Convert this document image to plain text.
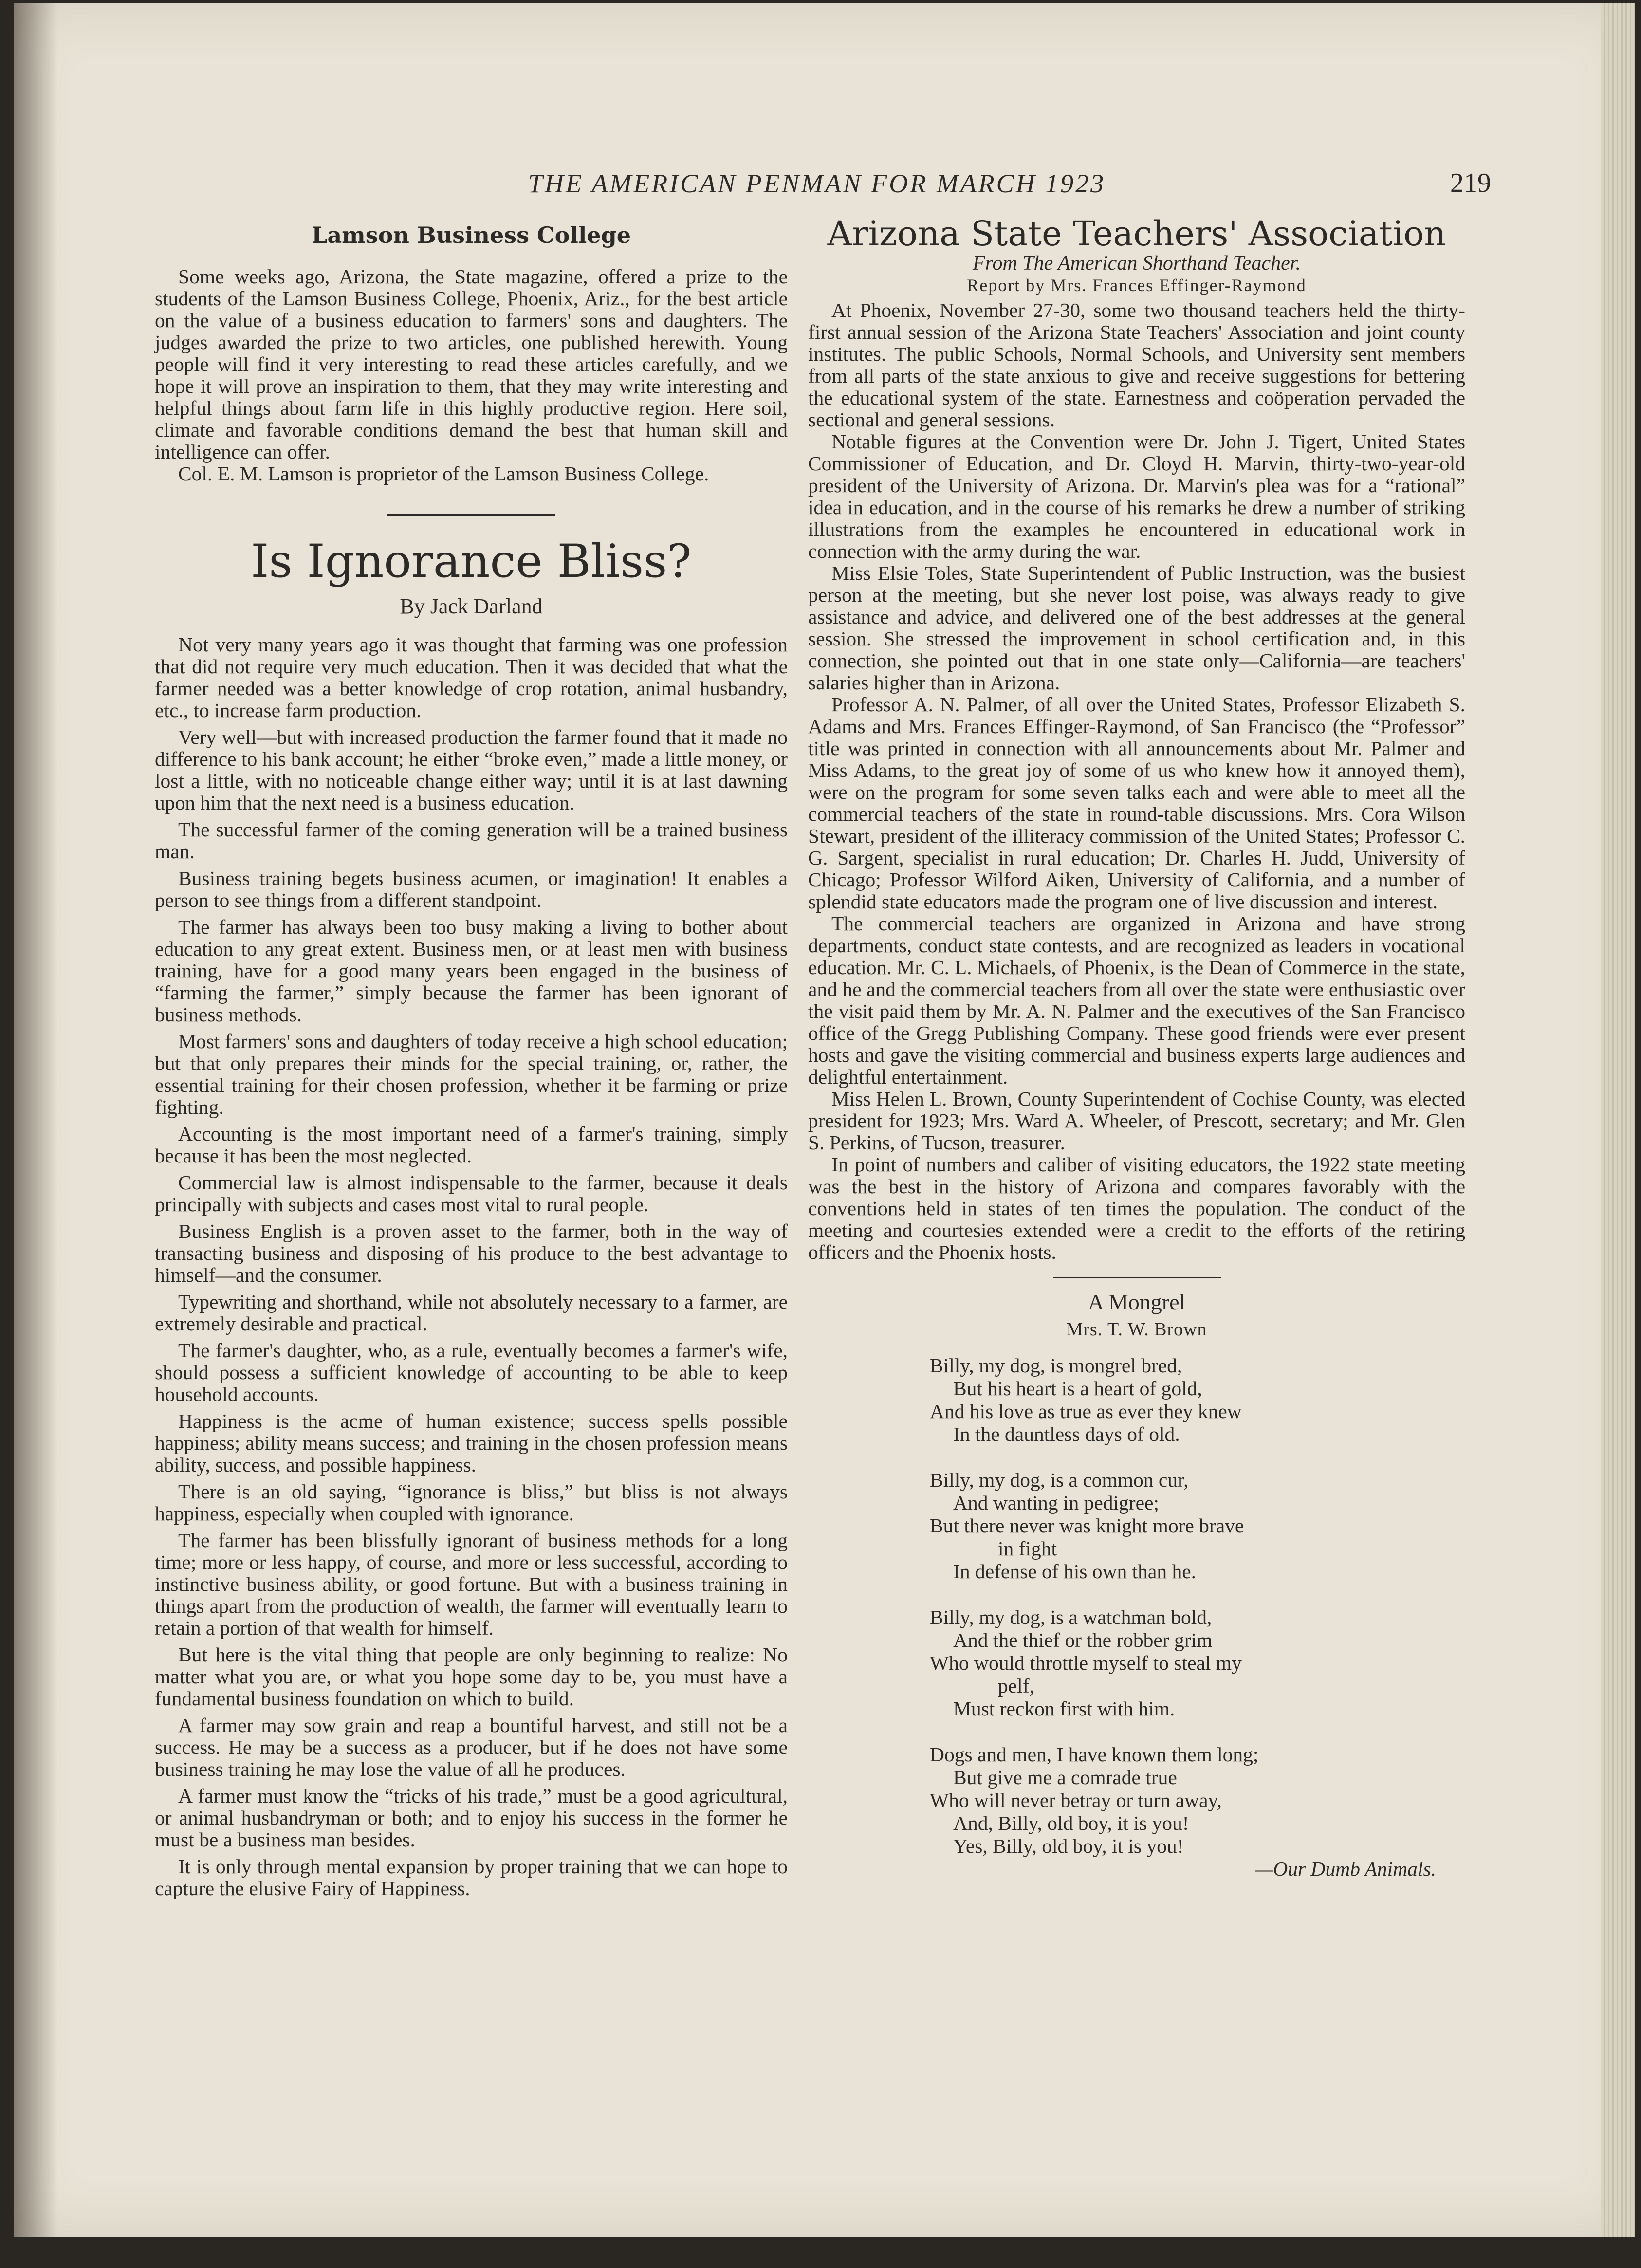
THE AMERICAN PENMAN FOR MARCH 1923	219
Lamson Business College

Some weeks ago, Arizona, the State magazine, offered a prize to the students of the Lamson Business College, Phoenix, Ariz., for the best article on the value of a business education to farmers' sons and daughters. The judges awarded the prize to two articles, one published herewith. Young people will find it very interesting to read these articles carefully, and we hope it will prove an inspiration to them, that they may write interesting and helpful things about farm life in this highly productive region. Here soil, climate and favorable conditions demand the best that human skill and intelligence can offer.

Col. E. M. Lamson is proprietor of the Lamson Business College.

Is Ignorance Bliss?
By Jack Darland

Not very many years ago it was thought that farming was one profession that did not require very much education. Then it was decided that what the farmer needed was a better knowledge of crop rotation, animal husbandry, etc., to increase farm production.

Very well—but with increased production the farmer found that it made no difference to his bank account; he either “broke even,” made a little money, or lost a little, with no noticeable change either way; until it is at last dawning upon him that the next need is a business education.

The successful farmer of the coming generation will be a trained business man.

Business training begets business acumen, or imagination! It enables a person to see things from a different standpoint.

The farmer has always been too busy making a living to bother about education to any great extent. Business men, or at least men with business training, have for a good many years been engaged in the business of “farming the farmer,” simply because the farmer has been ignorant of business methods.

Most farmers' sons and daughters of today receive a high school education; but that only prepares their minds for the special training, or, rather, the essential training for their chosen profession, whether it be farming or prize fighting.

Accounting is the most important need of a farmer's training, simply because it has been the most neglected.

Commercial law is almost indispensable to the farmer, because it deals principally with subjects and cases most vital to rural people.

Business English is a proven asset to the farmer, both in the way of transacting business and disposing of his produce to the best advantage to himself—and the consumer.

Typewriting and shorthand, while not absolutely necessary to a farmer, are extremely desirable and practical.

The farmer's daughter, who, as a rule, eventually becomes a farmer's wife, should possess a sufficient knowledge of accounting to be able to keep household accounts.

Happiness is the acme of human existence; success spells possible happiness; ability means success; and training in the chosen profession means ability, success, and possible happiness.

There is an old saying, “ignorance is bliss,” but bliss is not always happiness, especially when coupled with ignorance.

The farmer has been blissfully ignorant of business methods for a long time; more or less happy, of course, and more or less successful, according to instinctive business ability, or good fortune. But with a business training in things apart from the production of wealth, the farmer will eventually learn to retain a portion of that wealth for himself.

But here is the vital thing that people are only beginning to realize: No matter what you are, or what you hope some day to be, you must have a fundamental business foundation on which to build.

A farmer may sow grain and reap a bountiful harvest, and still not be a success. He may be a success as a producer, but if he does not have some business training he may lose the value of all he produces.

A farmer must know the “tricks of his trade,” must be a good agricultural, or animal husbandryman or both; and to enjoy his success in the former he must be a business man besides.

It is only through mental expansion by proper training that we can hope to capture the elusive Fairy of Happiness.

Arizona State Teachers' Association
From The American Shorthand Teacher.
Report by Mrs. Frances Effinger-Raymond

At Phoenix, November 27-30, some two thousand teachers held the thirty-first annual session of the Arizona State Teachers' Association and joint county institutes. The public Schools, Normal Schools, and University sent members from all parts of the state anxious to give and receive suggestions for bettering the educational system of the state. Earnestness and coöperation pervaded the sectional and general sessions.

Notable figures at the Convention were Dr. John J. Tigert, United States Commissioner of Education, and Dr. Cloyd H. Marvin, thirty-two-year-old president of the University of Arizona. Dr. Marvin's plea was for a “rational” idea in education, and in the course of his remarks he drew a number of striking illustrations from the examples he encountered in educational work in connection with the army during the war.

Miss Elsie Toles, State Superintendent of Public Instruction, was the busiest person at the meeting, but she never lost poise, was always ready to give assistance and advice, and delivered one of the best addresses at the general session. She stressed the improvement in school certification and, in this connection, she pointed out that in one state only—California—are teachers' salaries higher than in Arizona.

Professor A. N. Palmer, of all over the United States, Professor Elizabeth S. Adams and Mrs. Frances Effinger-Raymond, of San Francisco (the “Professor” title was printed in connection with all announcements about Mr. Palmer and Miss Adams, to the great joy of some of us who knew how it annoyed them), were on the program for some seven talks each and were able to meet all the commercial teachers of the state in round-table discussions. Mrs. Cora Wilson Stewart, president of the illiteracy commission of the United States; Professor C. G. Sargent, specialist in rural education; Dr. Charles H. Judd, University of Chicago; Professor Wilford Aiken, University of California, and a number of splendid state educators made the program one of live discussion and interest.

The commercial teachers are organized in Arizona and have strong departments, conduct state contests, and are recognized as leaders in vocational education. Mr. C. L. Michaels, of Phoenix, is the Dean of Commerce in the state, and he and the commercial teachers from all over the state were enthusiastic over the visit paid them by Mr. A. N. Palmer and the executives of the San Francisco office of the Gregg Publishing Company. These good friends were ever present hosts and gave the visiting commercial and business experts large audiences and delightful entertainment.

Miss Helen L. Brown, County Superintendent of Cochise County, was elected president for 1923; Mrs. Ward A. Wheeler, of Prescott, secretary; and Mr. Glen S. Perkins, of Tucson, treasurer.

In point of numbers and caliber of visiting educators, the 1922 state meeting was the best in the history of Arizona and compares favorably with the conventions held in states of ten times the population. The conduct of the meeting and courtesies extended were a credit to the efforts of the retiring officers and the Phoenix hosts.

A Mongrel
Mrs. T. W. Brown
Billy, my dog, is mongrel bred,
But his heart is a heart of gold,
And his love as true as ever they knew
In the dauntless days of old.
Billy, my dog, is a common cur,
And wanting in pedigree;
But there never was knight more brave
in fight
In defense of his own than he.
Billy, my dog, is a watchman bold,
And the thief or the robber grim
Who would throttle myself to steal my
pelf,
Must reckon first with him.
Dogs and men, I have known them long;
But give me a comrade true
Who will never betray or turn away,
And, Billy, old boy, it is you!
Yes, Billy, old boy, it is you!
—Our Dumb Animals.
